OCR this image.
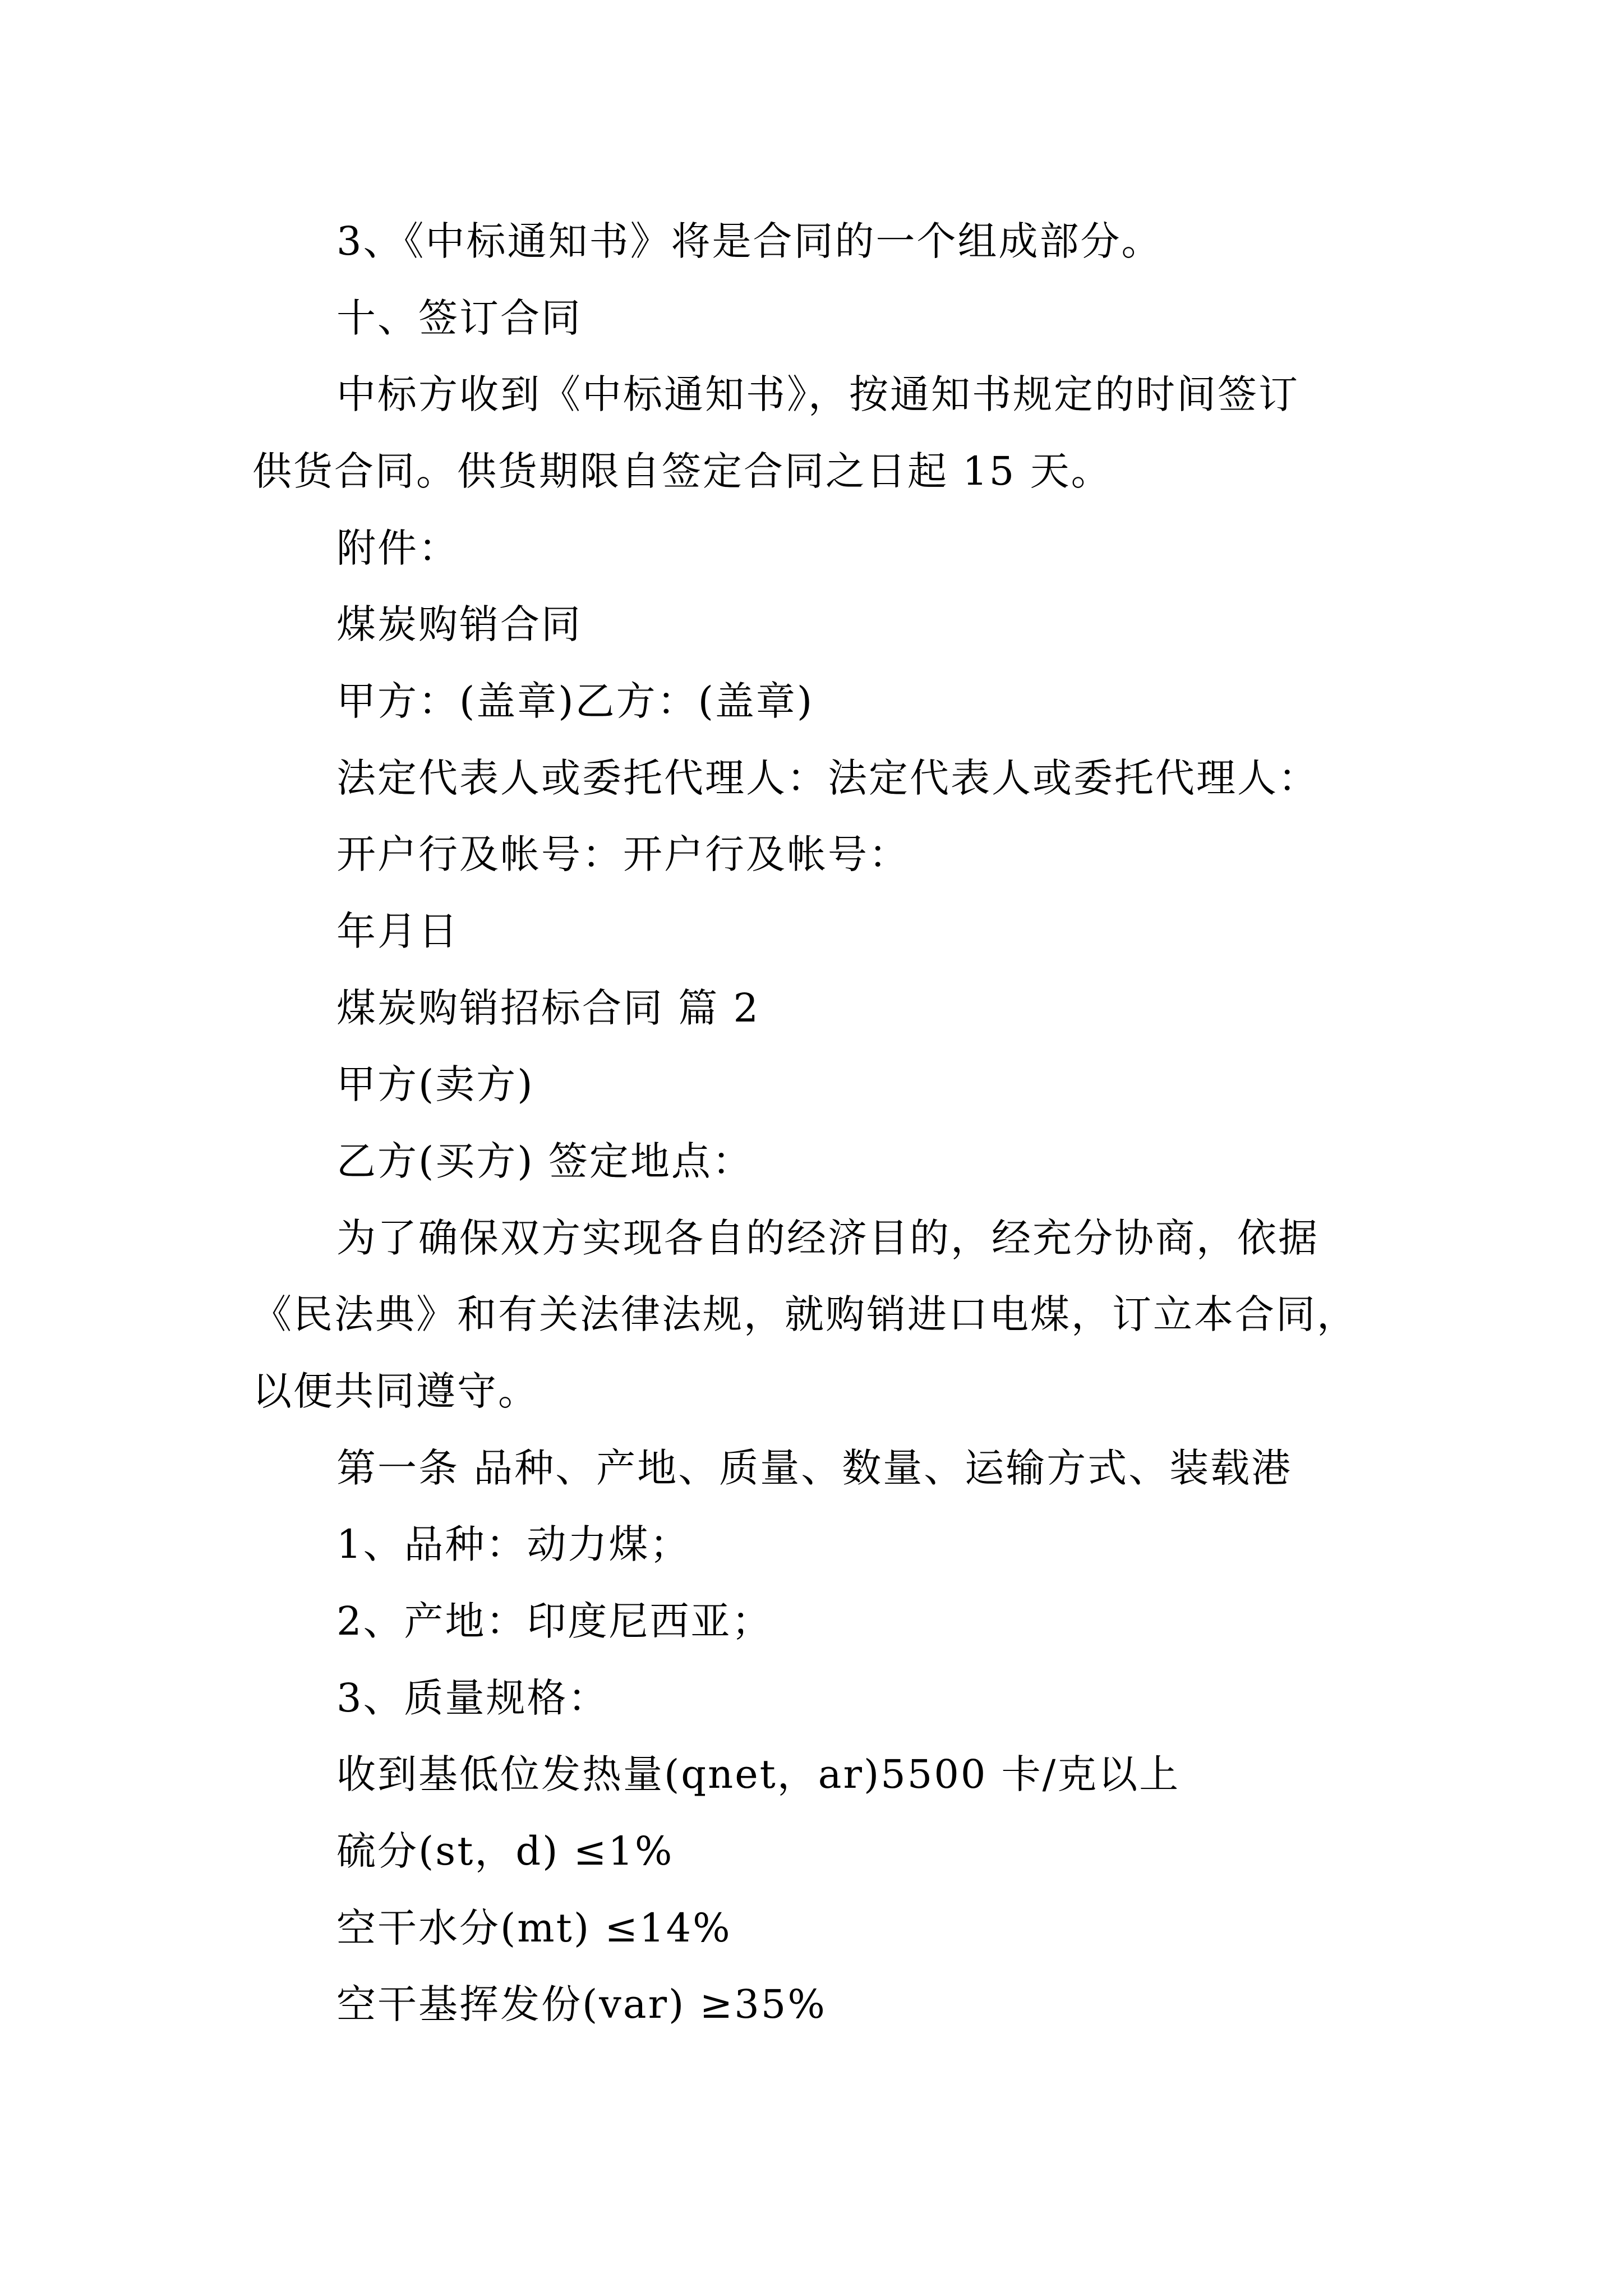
3、《中标通知书》将是合同的一个组成部分。
十、签订合同
中标方收到《中标通知书》，按通知书规定的时间签订
供货合同。供货期限自签定合同之日起 15 天。
附件：
煤炭购销合同
甲方：(盖章)乙方：(盖章)
法定代表人或委托代理人：法定代表人或委托代理人：
开户行及帐号：开户行及帐号：
年月日
煤炭购销招标合同 篇 2
甲方(卖方)
乙方(买方) 签定地点：
为了确保双方实现各自的经济目的，经充分协商，依据
《民法典》和有关法律法规，就购销进口电煤，订立本合同，
以便共同遵守。
第一条 品种、产地、质量、数量、运输方式、装载港
1、品种：动力煤；
2、产地：印度尼西亚；
3、质量规格：
收到基低位发热量(qnet，ar)5500 卡/克以上
硫分(st，d) ≤1%
空干水分(mt) ≤14%
空干基挥发份(var) ≥35%
